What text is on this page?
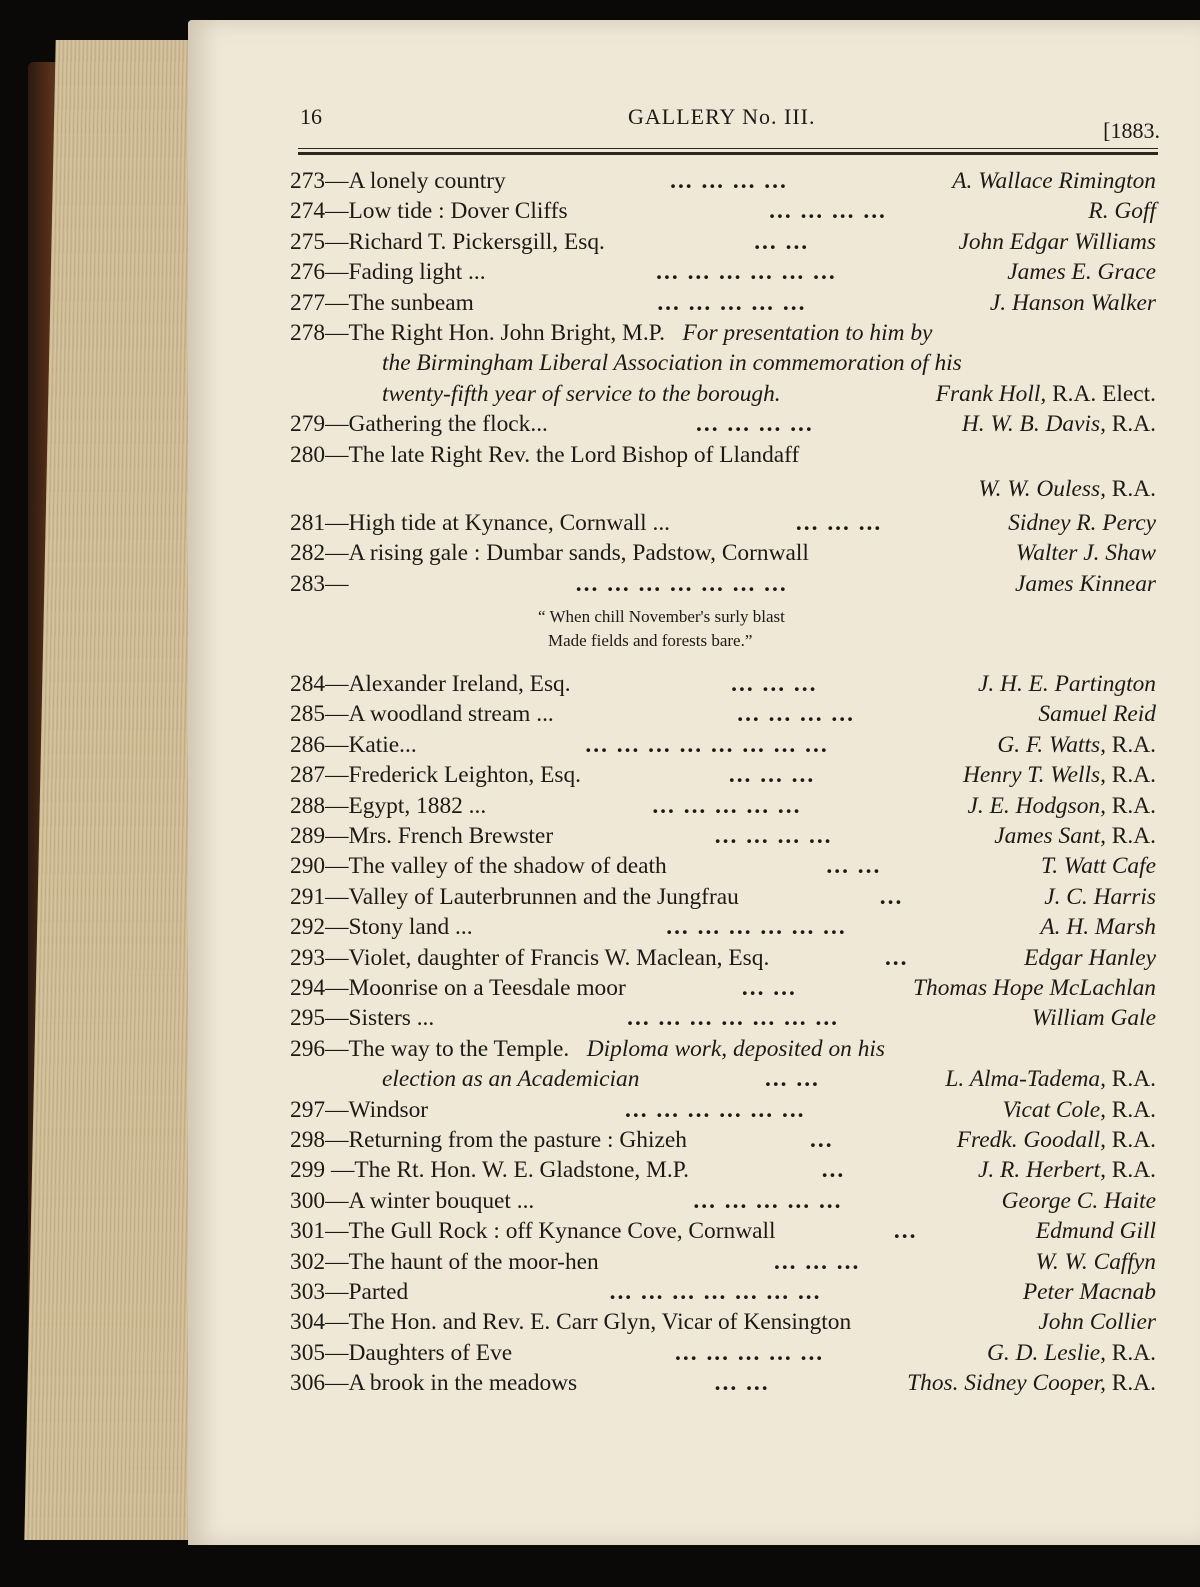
16	GALLERY No. III.
[1883.
273—A lonely country	... ... ... ...	A. Wallace Rimington
274—Low tide : Dover Cliffs	... ... ... ...	R. Goff
275—Richard T. Pickersgill, Esq.	... ...	John Edgar Williams
276—Fading light ...	... ... ... ... ... ...	James E. Grace
277—The sunbeam	... ... ... ... ...	J. Hanson Walker
278—The Right Hon. John Bright, M.P. For presentation to him by
the Birmingham Liberal Association in commemoration of his
twenty-fifth year of service to the borough.	Frank Holl, R.A. Elect.
279—Gathering the flock...	... ... ... ...	H. W. B. Davis, R.A.
280—The late Right Rev. the Lord Bishop of Llandaff
W. W. Ouless, R.A.
281—High tide at Kynance, Cornwall ...	... ... ...	Sidney R. Percy
282—A rising gale : Dumbar sands, Padstow, Cornwall	Walter J. Shaw
283—	... ... ... ... ... ... ...	James Kinnear
“ When chill November's surly blast
Made fields and forests bare.”
284—Alexander Ireland, Esq.	... ... ...	J. H. E. Partington
285—A woodland stream ...	... ... ... ...	Samuel Reid
286—Katie...	... ... ... ... ... ... ... ...	G. F. Watts, R.A.
287—Frederick Leighton, Esq.	... ... ...	Henry T. Wells, R.A.
288—Egypt, 1882 ...	... ... ... ... ...	J. E. Hodgson, R.A.
289—Mrs. French Brewster	... ... ... ...	James Sant, R.A.
290—The valley of the shadow of death	... ...	T. Watt Cafe
291—Valley of Lauterbrunnen and the Jungfrau	...	J. C. Harris
292—Stony land ...	... ... ... ... ... ...	A. H. Marsh
293—Violet, daughter of Francis W. Maclean, Esq.	...	Edgar Hanley
294—Moonrise on a Teesdale moor	... ...	Thomas Hope McLachlan
295—Sisters ...	... ... ... ... ... ... ...	William Gale
296—The way to the Temple. Diploma work, deposited on his
election as an Academician	... ...	L. Alma-Tadema, R.A.
297—Windsor	... ... ... ... ... ...	Vicat Cole, R.A.
298—Returning from the pasture : Ghizeh	...	Fredk. Goodall, R.A.
299 —The Rt. Hon. W. E. Gladstone, M.P.	...	J. R. Herbert, R.A.
300—A winter bouquet ...	... ... ... ... ...	George C. Haite
301—The Gull Rock : off Kynance Cove, Cornwall	...	Edmund Gill
302—The haunt of the moor-hen	... ... ...	W. W. Caffyn
303—Parted	... ... ... ... ... ... ...	Peter Macnab
304—The Hon. and Rev. E. Carr Glyn, Vicar of Kensington	John Collier
305—Daughters of Eve	... ... ... ... ...	G. D. Leslie, R.A.
306—A brook in the meadows	... ...	Thos. Sidney Cooper, R.A.
